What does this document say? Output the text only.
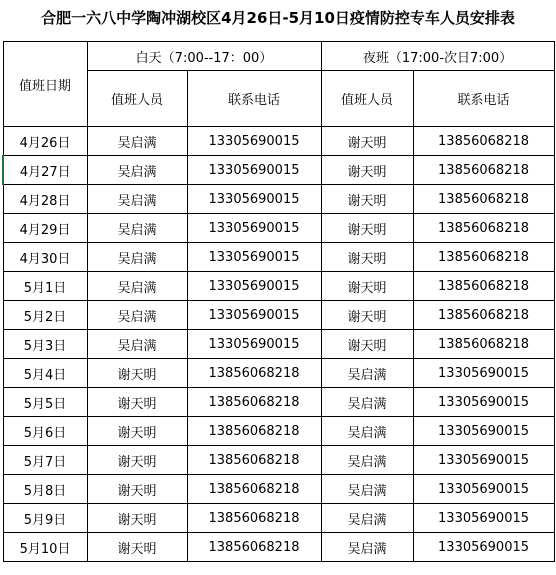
合肥一六八中学陶冲湖校区4月26日-5月10日疫情防控专车人员安排表
值班日期	白天（7:00--17：00）		夜班（17:00-次日7:00）	
	值班人员	联系电话	值班人员	联系电话
4月26日	吴启满	13305690015	谢天明	13856068218
4月27日	吴启满	13305690015	谢天明	13856068218
4月28日	吴启满	13305690015	谢天明	13856068218
4月29日	吴启满	13305690015	谢天明	13856068218
4月30日	吴启满	13305690015	谢天明	13856068218
5月1日	吴启满	13305690015	谢天明	13856068218
5月2日	吴启满	13305690015	谢天明	13856068218
5月3日	吴启满	13305690015	谢天明	13856068218
5月4日	谢天明	13856068218	吴启满	13305690015
5月5日	谢天明	13856068218	吴启满	13305690015
5月6日	谢天明	13856068218	吴启满	13305690015
5月7日	谢天明	13856068218	吴启满	13305690015
5月8日	谢天明	13856068218	吴启满	13305690015
5月9日	谢天明	13856068218	吴启满	13305690015
5月10日	谢天明	13856068218	吴启满	13305690015
